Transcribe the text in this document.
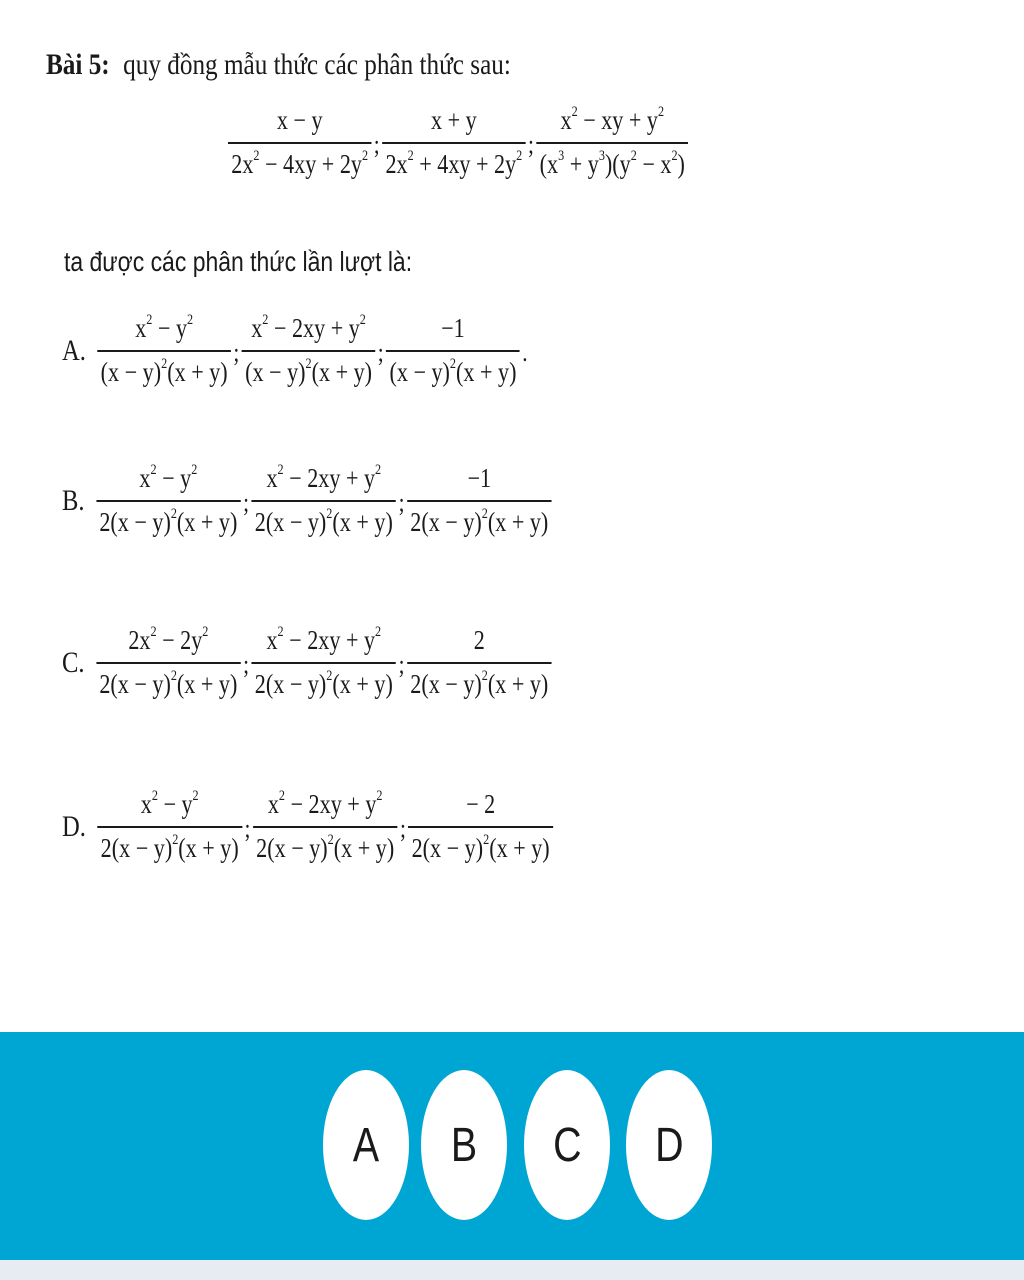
Bài 5: quy đồng mẫu thức các phân thức sau:
$\frac{x - y}{2x^2 - 4xy + 2y^2}$ ; $\frac{x + y}{2x^2 + 4xy + 2y^2}$ ; $\frac{x^2 - xy + y^2}{(x^3 + y^3)(y^2 - x^2)}$
ta được các phân thức lần lượt là:
A. $\frac{x^2 - y^2}{(x - y)^2(x + y)}$ ; $\frac{x^2 - 2xy + y^2}{(x - y)^2(x + y)}$ ; $\frac{-1}{(x - y)^2(x + y)}$ .
B. $\frac{x^2 - y^2}{2(x - y)^2(x + y)}$ ; $\frac{x^2 - 2xy + y^2}{2(x - y)^2(x + y)}$ ; $\frac{-1}{2(x - y)^2(x + y)}$
C. $\frac{2x^2 - 2y^2}{2(x - y)^2(x + y)}$ ; $\frac{x^2 - 2xy + y^2}{2(x - y)^2(x + y)}$ ; $\frac{2}{2(x - y)^2(x + y)}$
D. $\frac{x^2 - y^2}{2(x - y)^2(x + y)}$ ; $\frac{x^2 - 2xy + y^2}{2(x - y)^2(x + y)}$ ; $\frac{- 2}{2(x - y)^2(x + y)}$
A B C D
